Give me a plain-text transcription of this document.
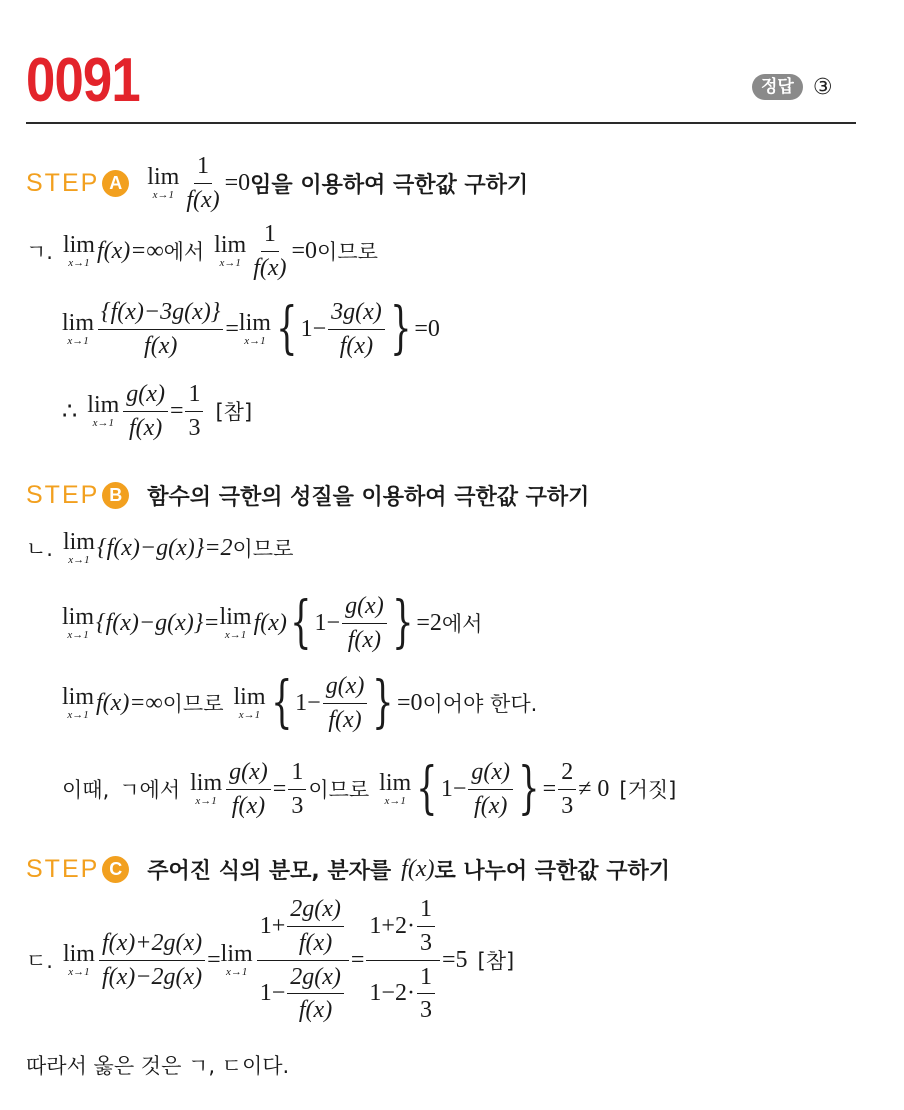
0091	정답 ③
STEP A lim
$x\to 1 \frac{1}{f(x)} =0$ 임을 이용하여 극한값 구하기
ㄱ. lim
x→1 f(x)=∞ 에서 lim
$x\to 1 \frac{1}{f(x)} =0$ 이므로
lim
$x\to 1 \frac{\{f(x)-3g(x)\}}{f(x)} = \lim$
x→1 { $1- \frac{3g(x)}{f(x)}$ } =0
∴ lim
$x\to 1 \frac{g(x)}{f(x)} = \frac{1}{3}$ [참]
STEP B	함수의 극한의 성질을 이용하여 극한값 구하기
ㄴ. lim
x→1 {f(x)−g(x)}=2 이므로
lim
x→1 {f(x)−g(x)}= lim
x→1 f(x) { $1- \frac{g(x)}{f(x)}$ } =2 에서
lim
x→1 f(x)=∞ 이므로 lim
x→1 { $1- \frac{g(x)}{f(x)}$ } =0 이어야 한다.
이때, ㄱ에서 lim
$x\to 1 \frac{g(x)}{f(x)} = \frac{1}{3}$ 이므로 lim
x→1 { $1- \frac{g(x)}{f(x)}$ } = $\frac{2}{3} \ne 0$ [거짓]
STEP C	주어진 식의 분모, 분자를 f(x) 로 나누어 극한값 구하기
ㄷ. lim
$x\to 1 \frac{f(x)+2g(x)}{f(x)-2g(x)} = \lim$
$x\to 1 \frac{1+ \frac{2g(x)}{f(x)}}{1- \frac{2g(x)}{f(x)}} = \frac{1+2\cdot \frac{1}{3}}{1-2\cdot \frac{1}{3}} =5$ [참]
따라서 옳은 것은 ㄱ, ㄷ이다.
